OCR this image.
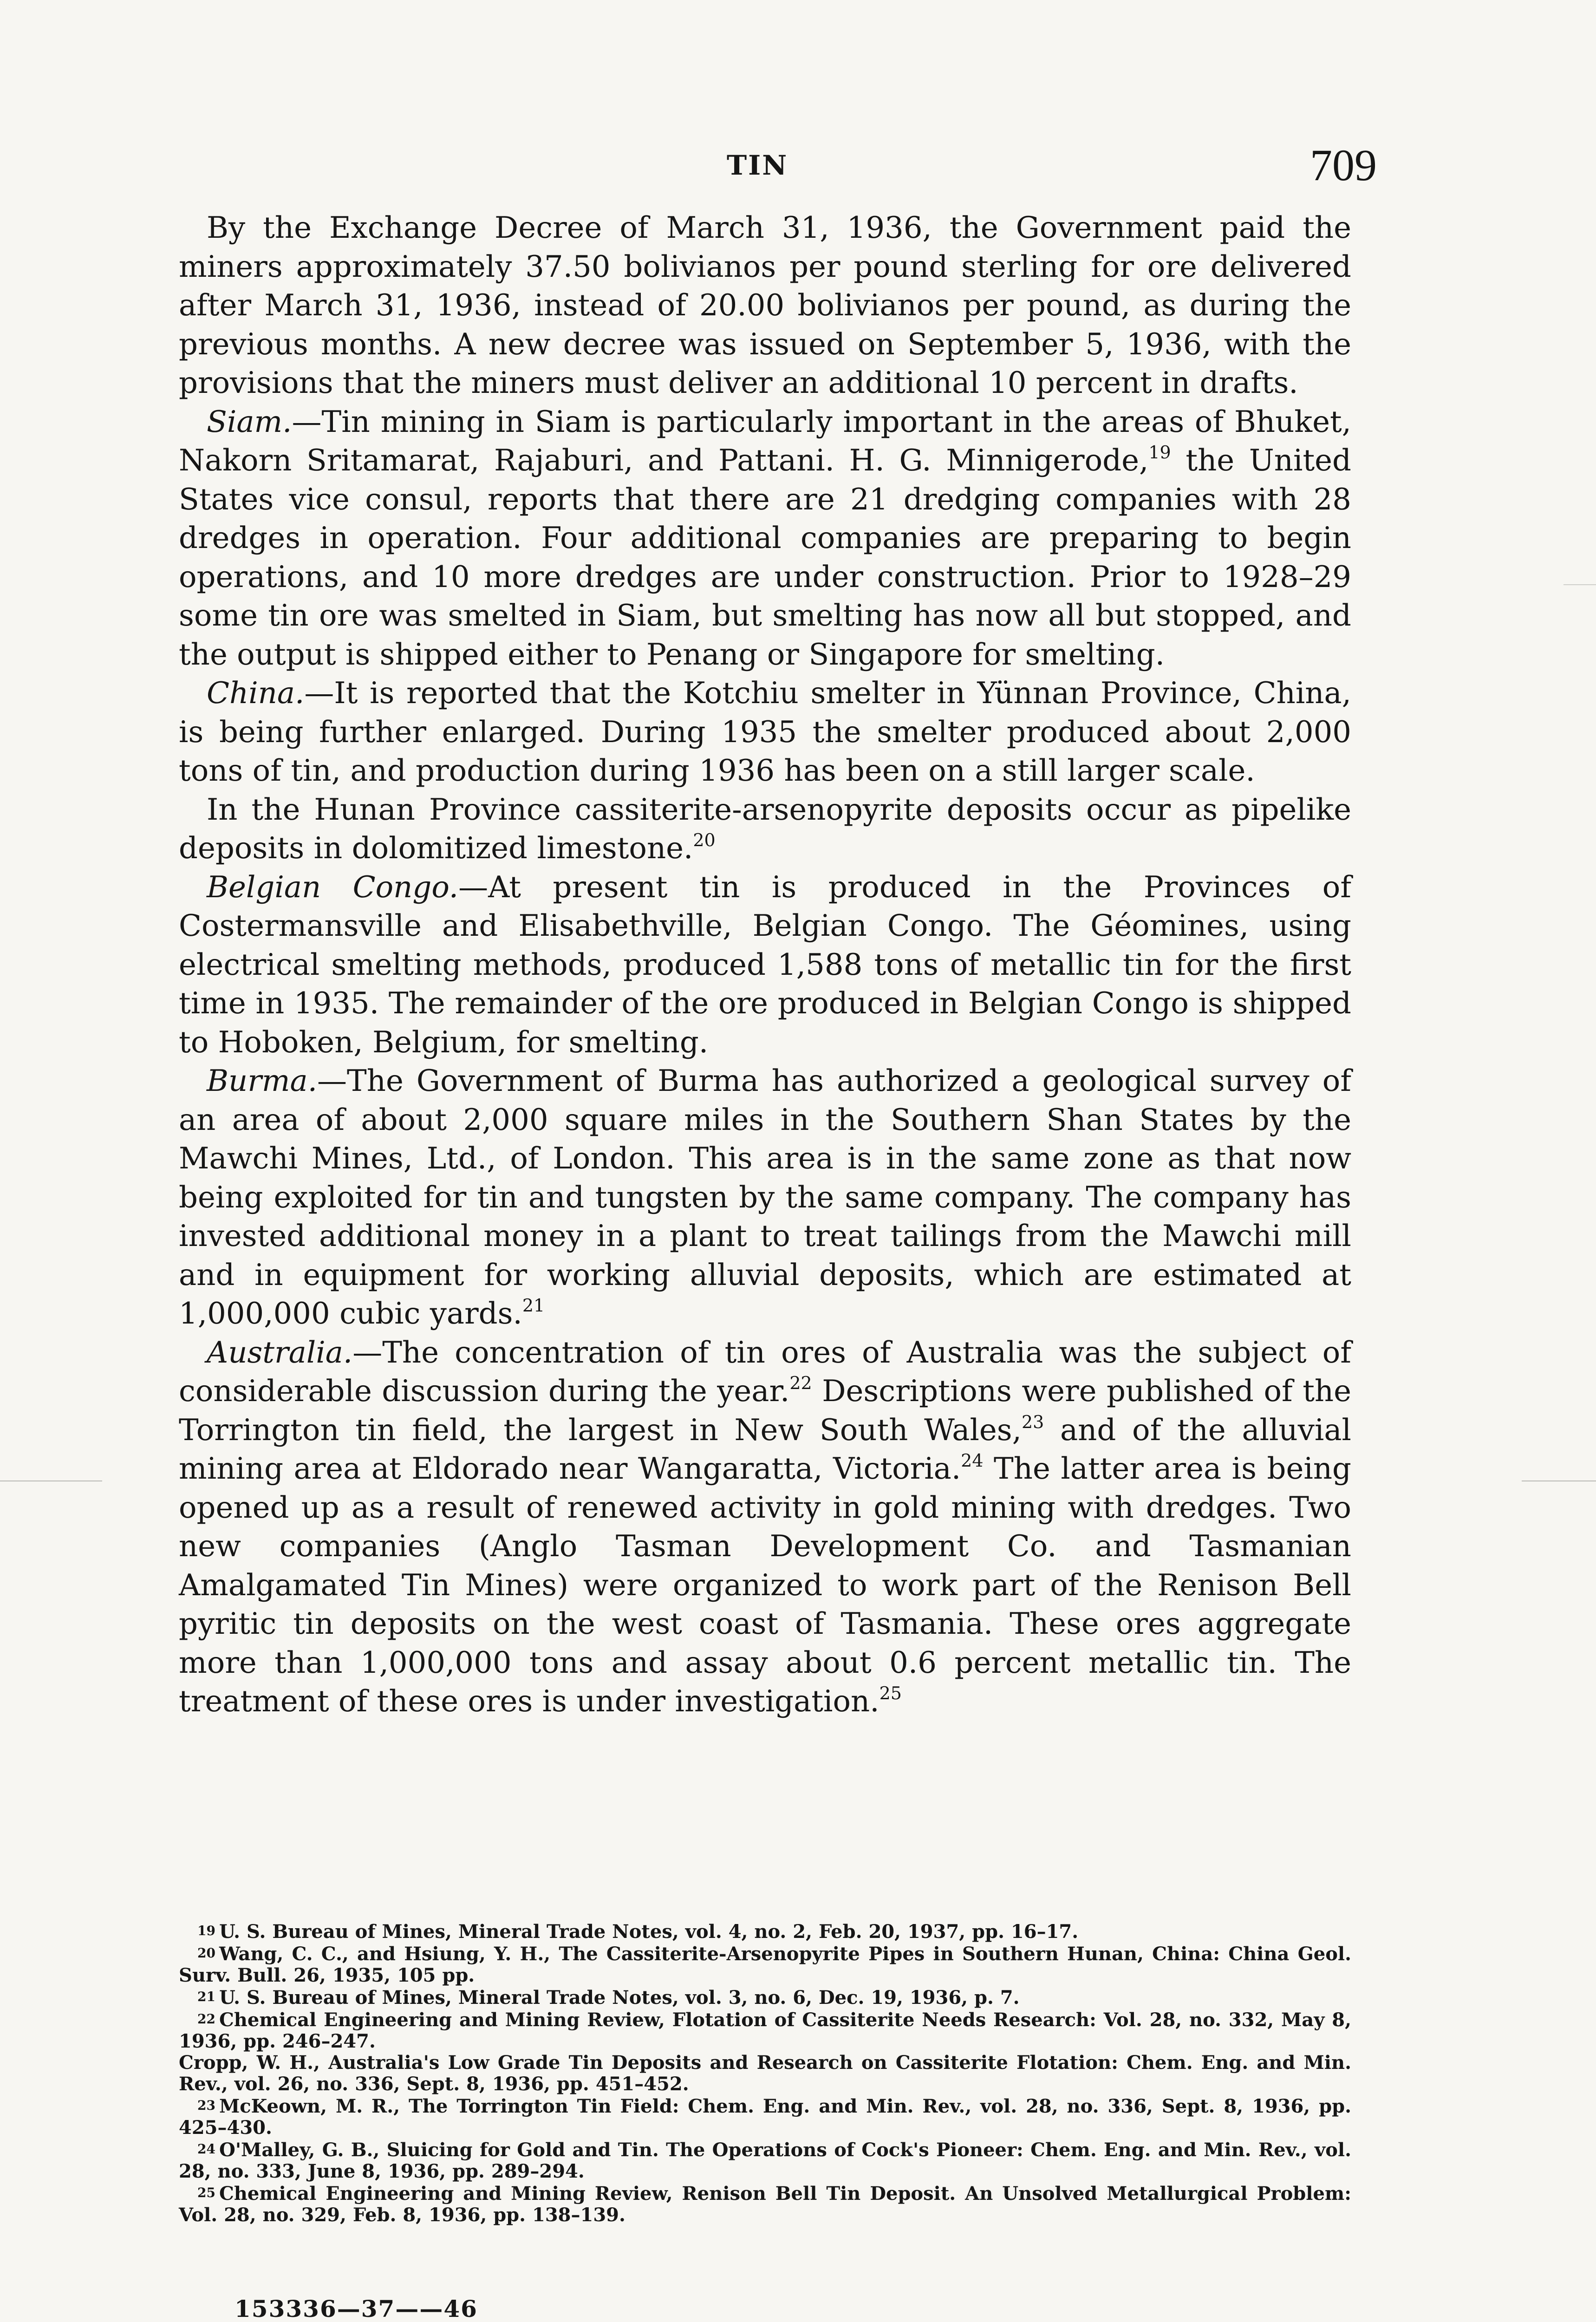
TIN	709

By the Exchange Decree of March 31, 1936, the Government paid the miners approximately 37.50 bolivianos per pound sterling for ore delivered after March 31, 1936, instead of 20.00 bolivianos per pound, as during the previous months. A new decree was issued on September 5, 1936, with the provisions that the miners must deliver an additional 10 percent in drafts.

Siam.—Tin mining in Siam is particularly important in the areas of Bhuket, Nakorn Sritamarat, Rajaburi, and Pattani. H. G. Minnigerode,$^{19}$ the United States vice consul, reports that there are 21 dredging companies with 28 dredges in operation. Four additional companies are preparing to begin operations, and 10 more dredges are under construction. Prior to 1928–29 some tin ore was smelted in Siam, but smelting has now all but stopped, and the output is shipped either to Penang or Singapore for smelting.

China.—It is reported that the Kotchiu smelter in Yünnan Province, China, is being further enlarged. During 1935 the smelter produced about 2,000 tons of tin, and production during 1936 has been on a still larger scale.

In the Hunan Province cassiterite-arsenopyrite deposits occur as pipelike deposits in dolomitized limestone.$^{20}$

Belgian Congo.—At present tin is produced in the Provinces of Costermansville and Elisabethville, Belgian Congo. The Géomines, using electrical smelting methods, produced 1,588 tons of metallic tin for the first time in 1935. The remainder of the ore produced in Belgian Congo is shipped to Hoboken, Belgium, for smelting.

Burma.—The Government of Burma has authorized a geological survey of an area of about 2,000 square miles in the Southern Shan States by the Mawchi Mines, Ltd., of London. This area is in the same zone as that now being exploited for tin and tungsten by the same company. The company has invested additional money in a plant to treat tailings from the Mawchi mill and in equipment for working alluvial deposits, which are estimated at 1,000,000 cubic yards.$^{21}$

Australia.—The concentration of tin ores of Australia was the subject of considerable discussion during the year.$^{22}$ Descriptions were published of the Torrington tin field, the largest in New South Wales,$^{23}$ and of the alluvial mining area at Eldorado near Wangaratta, Victoria.$^{24}$ The latter area is being opened up as a result of renewed activity in gold mining with dredges. Two new companies (Anglo Tasman Development Co. and Tasmanian Amalgamated Tin Mines) were organized to work part of the Renison Bell pyritic tin deposits on the west coast of Tasmania. These ores aggregate more than 1,000,000 tons and assay about 0.6 percent metallic tin. The treatment of these ores is under investigation.$^{25}$

19 U. S. Bureau of Mines, Mineral Trade Notes, vol. 4, no. 2, Feb. 20, 1937, pp. 16–17.

20 Wang, C. C., and Hsiung, Y. H., The Cassiterite-Arsenopyrite Pipes in Southern Hunan, China: China Geol. Surv. Bull. 26, 1935, 105 pp.

21 U. S. Bureau of Mines, Mineral Trade Notes, vol. 3, no. 6, Dec. 19, 1936, p. 7.

22 Chemical Engineering and Mining Review, Flotation of Cassiterite Needs Research: Vol. 28, no. 332, May 8, 1936, pp. 246–247.

Cropp, W. H., Australia's Low Grade Tin Deposits and Research on Cassiterite Flotation: Chem. Eng. and Min. Rev., vol. 26, no. 336, Sept. 8, 1936, pp. 451–452.

23 McKeown, M. R., The Torrington Tin Field: Chem. Eng. and Min. Rev., vol. 28, no. 336, Sept. 8, 1936, pp. 425–430.

24 O'Malley, G. B., Sluicing for Gold and Tin. The Operations of Cock's Pioneer: Chem. Eng. and Min. Rev., vol. 28, no. 333, June 8, 1936, pp. 289–294.

25 Chemical Engineering and Mining Review, Renison Bell Tin Deposit. An Unsolved Metallurgical Problem: Vol. 28, no. 329, Feb. 8, 1936, pp. 138–139.

153336—37——46
